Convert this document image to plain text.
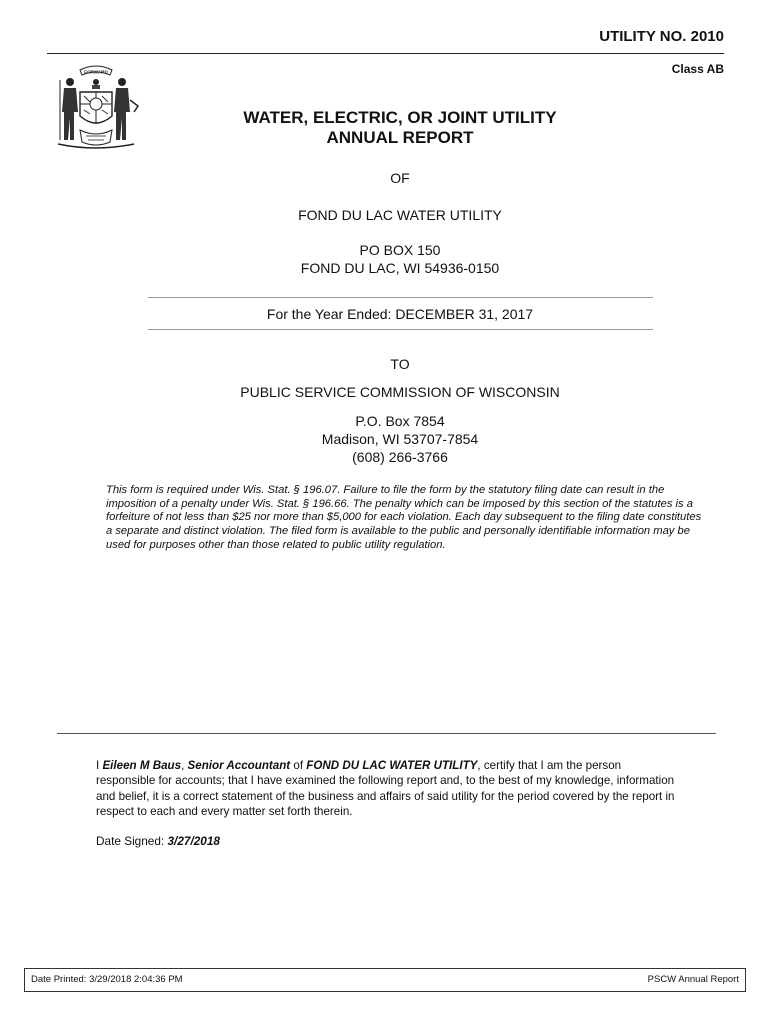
UTILITY NO. 2010
Class AB
FORWARD
WATER, ELECTRIC, OR JOINT UTILITY
ANNUAL REPORT
OF
FOND DU LAC WATER UTILITY
PO BOX 150
FOND DU LAC, WI 54936-0150
For the Year Ended: DECEMBER 31, 2017
TO
PUBLIC SERVICE COMMISSION OF WISCONSIN
P.O. Box 7854
Madison, WI 53707-7854
(608) 266-3766

This form is required under Wis. Stat. § 196.07. Failure to file the form by the statutory filing date can result in the imposition of a penalty under Wis. Stat. § 196.66. The penalty which can be imposed by this section of the statutes is a forfeiture of not less than $25 nor more than $5,000 for each violation. Each day subsequent to the filing date constitutes a separate and distinct violation. The filed form is available to the public and personally identifiable information may be used for purposes other than those related to public utility regulation.

I Eileen M Baus, Senior Accountant of FOND DU LAC WATER UTILITY, certify that I am the person responsible for accounts; that I have examined the following report and, to the best of my knowledge, information and belief, it is a correct statement of the business and affairs of said utility for the period covered by the report in respect to each and every matter set forth therein.

Date Signed: 3/27/2018
Date Printed: 3/29/2018 2:04:36 PM	PSCW Annual Report
